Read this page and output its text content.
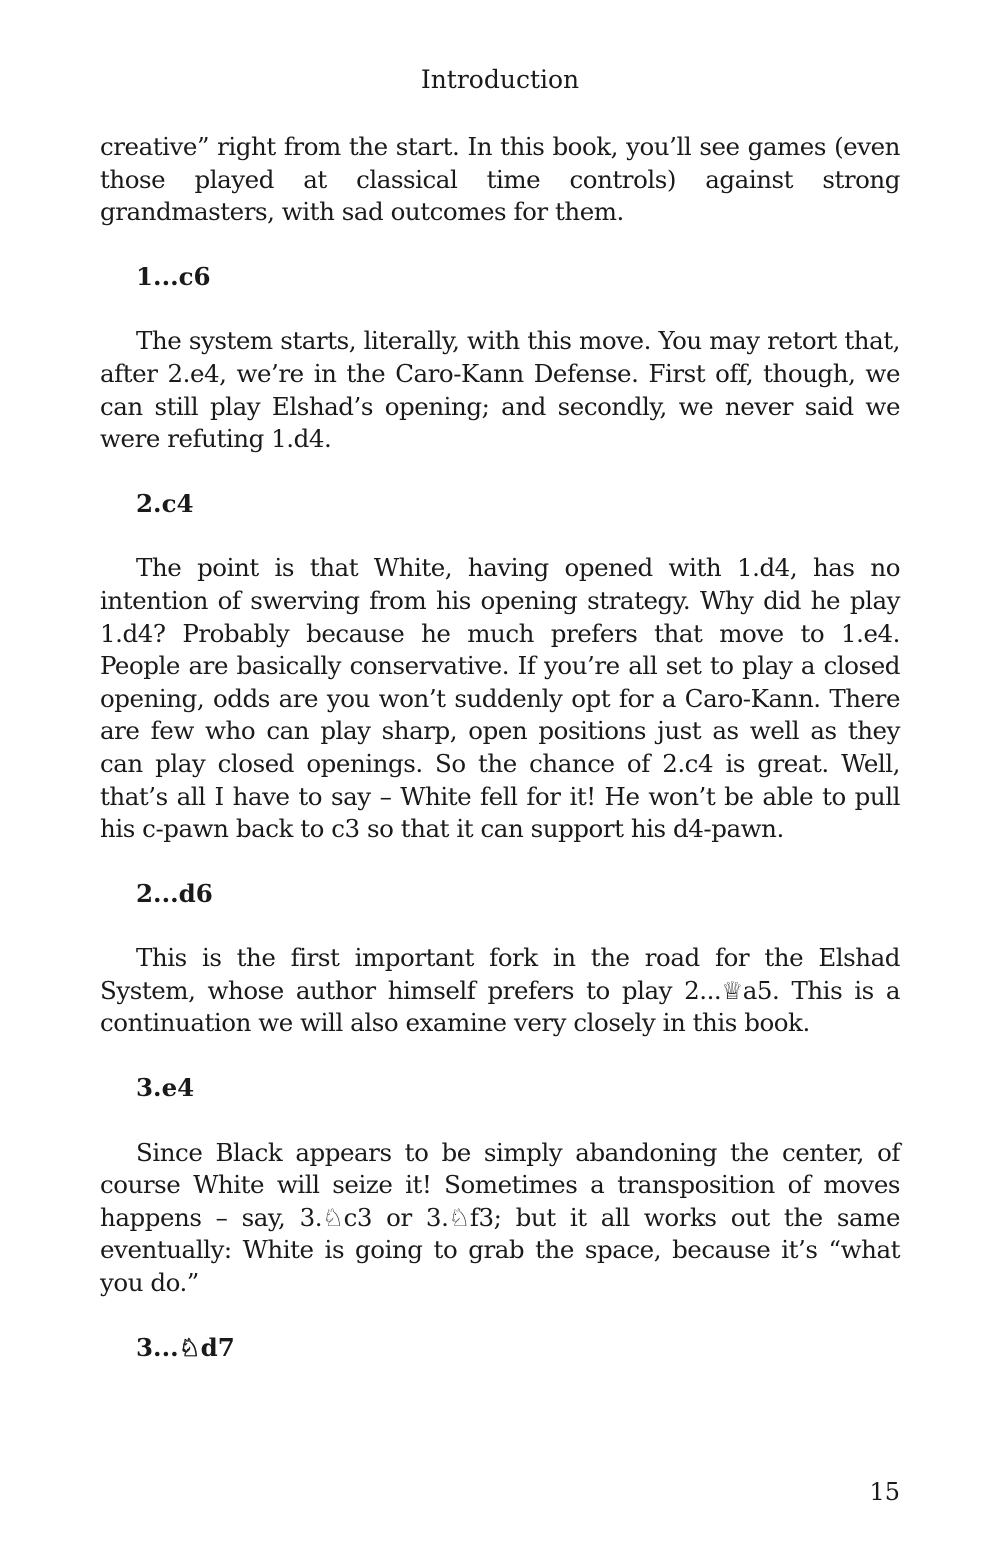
Introduction

creative” right from the start. In this book, you’ll see games (even those played at classical time controls) against strong grandmasters, with sad outcomes for them.

1...c6

The system starts, literally, with this move. You may retort that, after 2.e4, we’re in the Caro-Kann Defense. First off, though, we can still play Elshad’s opening; and secondly, we never said we were refuting 1.d4.

2.c4

The point is that White, having opened with 1.d4, has no intention of swerving from his opening strategy. Why did he play 1.d4? Probably because he much prefers that move to 1.e4. People are basically conservative. If you’re all set to play a closed opening, odds are you won’t suddenly opt for a Caro-Kann. There are few who can play sharp, open positions just as well as they can play closed openings. So the chance of 2.c4 is great. Well, that’s all I have to say – White fell for it! He won’t be able to pull his c-pawn back to c3 so that it can support his d4-pawn.

2...d6

This is the first important fork in the road for the Elshad System, whose author himself prefers to play 2...♕a5. This is a continuation we will also examine very closely in this book.

3.e4

Since Black appears to be simply abandoning the center, of course White will seize it! Sometimes a transposition of moves happens – say, 3.♘c3 or 3.♘f3; but it all works out the same eventually: White is going to grab the space, because it’s “what you do.”

3...♘d7

15
